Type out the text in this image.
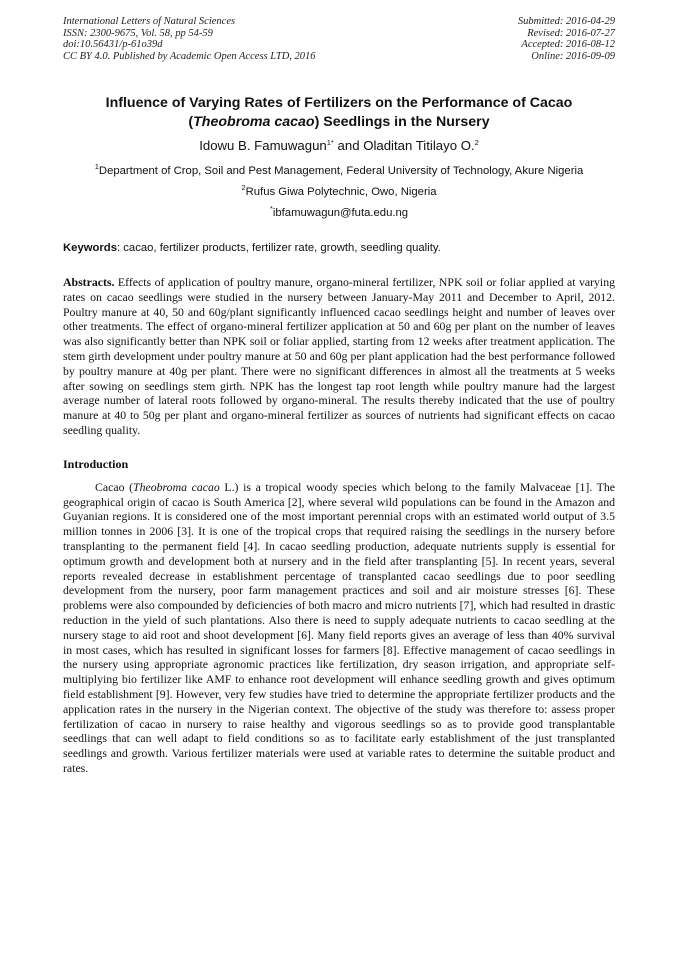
International Letters of Natural Sciences
ISSN: 2300-9675, Vol. 58, pp 54-59
doi:10.56431/p-61o39d
CC BY 4.0. Published by Academic Open Access LTD, 2016
Submitted: 2016-04-29
Revised: 2016-07-27
Accepted: 2016-08-12
Online: 2016-09-09
Influence of Varying Rates of Fertilizers on the Performance of Cacao
(Theobroma cacao) Seedlings in the Nursery
Idowu B. Famuwagun$^{1*}$ and Oladitan Titilayo O.$^2$
$^1$Department of Crop, Soil and Pest Management, Federal University of Technology, Akure Nigeria
$^2$Rufus Giwa Polytechnic, Owo, Nigeria
*ibfamuwagun@futa.edu.ng
Keywords: cacao, fertilizer products, fertilizer rate, growth, seedling quality.
Abstracts. Effects of application of poultry manure, organo-mineral fertilizer, NPK soil or foliar applied at varying rates on cacao seedlings were studied in the nursery between January-May 2011 and December to April, 2012. Poultry manure at 40, 50 and 60g/plant significantly influenced cacao seedlings height and number of leaves over other treatments. The effect of organo-mineral fertilizer application at 50 and 60g per plant on the number of leaves was also significantly better than NPK soil or foliar applied, starting from 12 weeks after treatment application. The stem girth development under poultry manure at 50 and 60g per plant application had the best performance followed by poultry manure at 40g per plant. There were no significant differences in almost all the treatments at 5 weeks after sowing on seedlings stem girth. NPK has the longest tap root length while poultry manure had the largest average number of lateral roots followed by organo-mineral. The results thereby indicated that the use of poultry manure at 40 to 50g per plant and organo-mineral fertilizer as sources of nutrients had significant effects on cacao seedling quality.
Introduction
Cacao (Theobroma cacao L.) is a tropical woody species which belong to the family Malvaceae [1]. The geographical origin of cacao is South America [2], where several wild populations can be found in the Amazon and Guyanian regions. It is considered one of the most important perennial crops with an estimated world output of 3.5 million tonnes in 2006 [3]. It is one of the tropical crops that required raising the seedlings in the nursery before transplanting to the permanent field [4]. In cacao seedling production, adequate nutrients supply is essential for optimum growth and development both at nursery and in the field after transplanting [5]. In recent years, several reports revealed decrease in establishment percentage of transplanted cacao seedlings due to poor seedling development from the nursery, poor farm management practices and soil and air moisture stresses [6]. These problems were also compounded by deficiencies of both macro and micro nutrients [7], which had resulted in drastic reduction in the yield of such plantations. Also there is need to supply adequate nutrients to cacao seedling at the nursery stage to aid root and shoot development [6]. Many field reports gives an average of less than 40% survival in most cases, which has resulted in significant losses for farmers [8]. Effective management of cacao seedlings in the nursery using appropriate agronomic practices like fertilization, dry season irrigation, and appropriate self-multiplying bio fertilizer like AMF to enhance root development will enhance seedling growth and gives optimum field establishment [9]. However, very few studies have tried to determine the appropriate fertilizer products and the application rates in the nursery in the Nigerian context. The objective of the study was therefore to: assess proper fertilization of cacao in nursery to raise healthy and vigorous seedlings so as to provide good transplantable seedlings that can well adapt to field conditions so as to facilitate early establishment of the just transplanted seedlings and growth. Various fertilizer materials were used at variable rates to determine the suitable product and rates.
